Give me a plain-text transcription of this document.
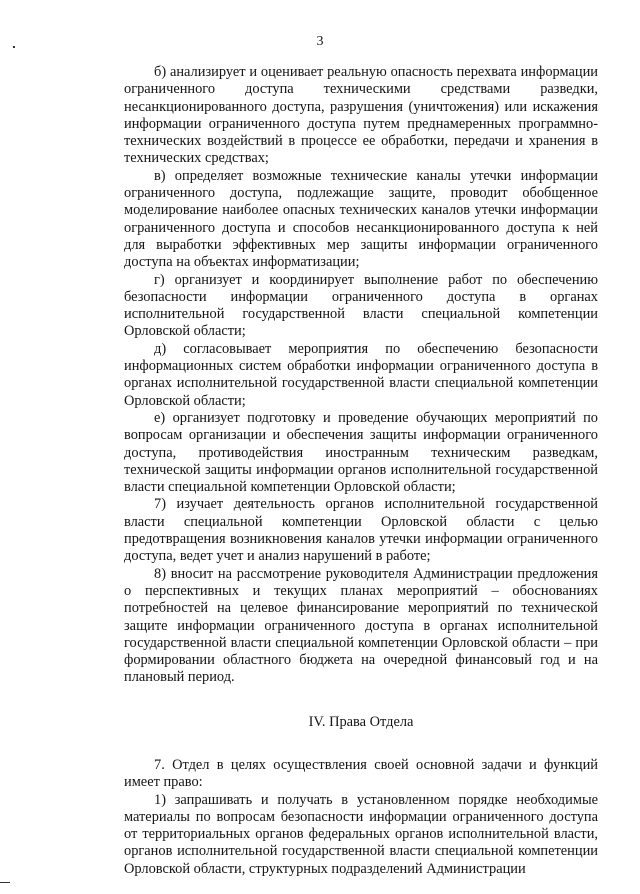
3

б) анализирует и оценивает реальную опасность перехвата информации ограниченного доступа техническими средствами разведки, несанкционированного доступа, разрушения (уничтожения) или искажения информации ограниченного доступа путем преднамеренных программно-технических воздействий в процессе ее обработки, передачи и хранения в технических средствах;

в) определяет возможные технические каналы утечки информации ограниченного доступа, подлежащие защите, проводит обобщенное моделирование наиболее опасных технических каналов утечки информации ограниченного доступа и способов несанкционированного доступа к ней для выработки эффективных мер защиты информации ограниченного доступа на объектах информатизации;

г) организует и координирует выполнение работ по обеспечению безопасности информации ограниченного доступа в органах исполнительной государственной власти специальной компетенции Орловской области;

д) согласовывает мероприятия по обеспечению безопасности информационных систем обработки информации ограниченного доступа в органах исполнительной государственной власти специальной компетенции Орловской области;

е) организует подготовку и проведение обучающих мероприятий по вопросам организации и обеспечения защиты информации ограниченного доступа, противодействия иностранным техническим разведкам, технической защиты информации органов исполнительной государственной власти специальной компетенции Орловской области;

7) изучает деятельность органов исполнительной государственной власти специальной компетенции Орловской области с целью предотвращения возникновения каналов утечки информации ограниченного доступа, ведет учет и анализ нарушений в работе;

8) вносит на рассмотрение руководителя Администрации предложения о перспективных и текущих планах мероприятий – обоснованиях потребностей на целевое финансирование мероприятий по технической защите информации ограниченного доступа в органах исполнительной государственной власти специальной компетенции Орловской области – при формировании областного бюджета на очередной финансовый год и на плановый период.

IV. Права Отдела

7. Отдел в целях осуществления своей основной задачи и функций имеет право:

1) запрашивать и получать в установленном порядке необходимые материалы по вопросам безопасности информации ограниченного доступа от территориальных органов федеральных органов исполнительной власти, органов исполнительной государственной власти специальной компетенции Орловской области, структурных подразделений Администрации
